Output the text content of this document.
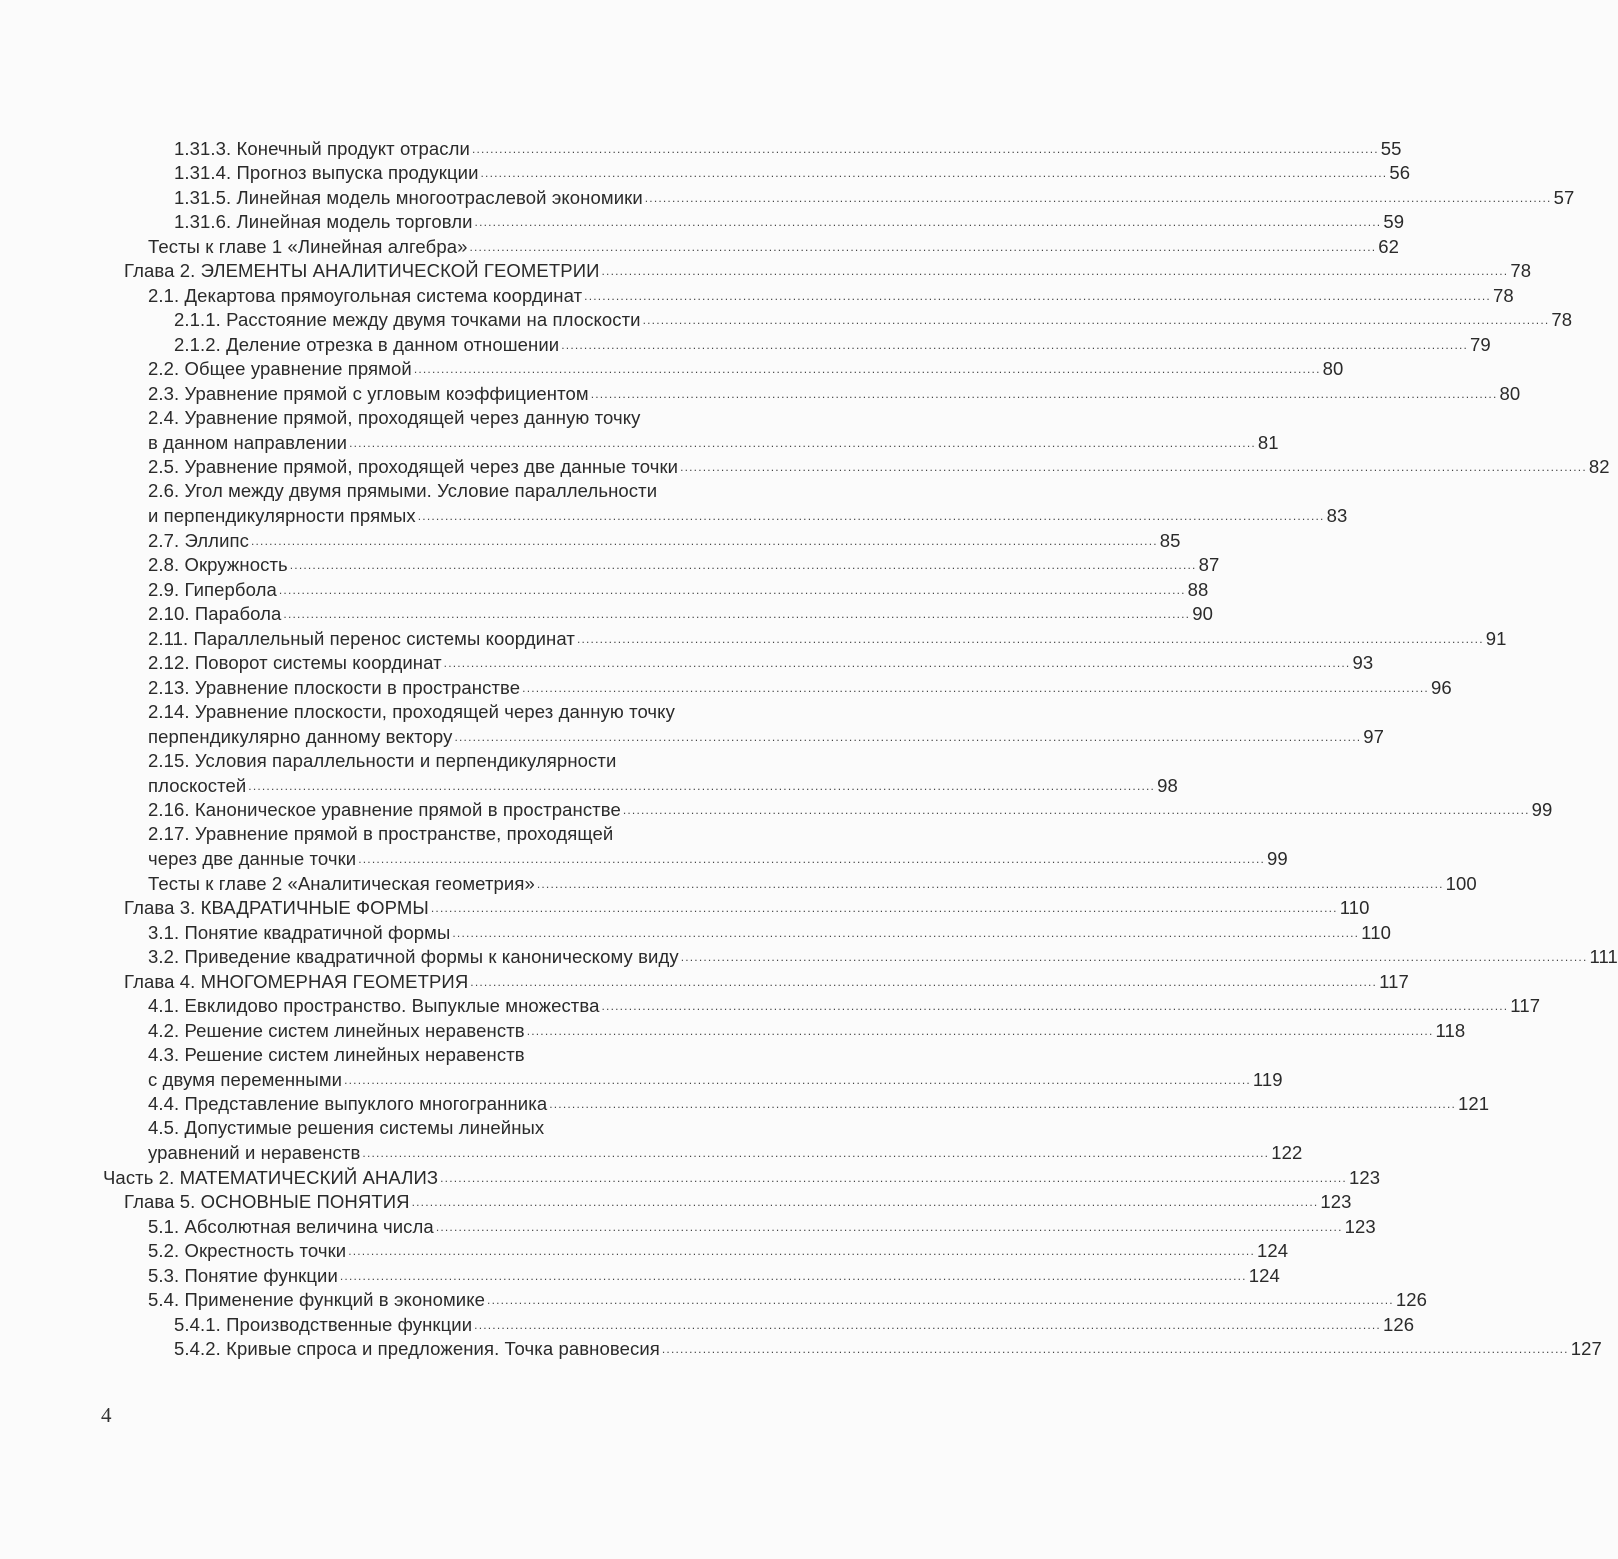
1.31.3. Конечный продукт отрасли ........................................................................................................................................................................................................ 55
1.31.4. Прогноз выпуска продукции ........................................................................................................................................................................................................ 56
1.31.5. Линейная модель многоотраслевой экономики ........................................................................................................................................................................................................ 57
1.31.6. Линейная модель торговли ........................................................................................................................................................................................................ 59
Тесты к главе 1 «Линейная алгебра» ........................................................................................................................................................................................................ 62
Глава 2. ЭЛЕМЕНТЫ АНАЛИТИЧЕСКОЙ ГЕОМЕТРИИ ........................................................................................................................................................................................................ 78
2.1. Декартова прямоугольная система координат ........................................................................................................................................................................................................ 78
2.1.1. Расстояние между двумя точками на плоскости ........................................................................................................................................................................................................ 78
2.1.2. Деление отрезка в данном отношении ........................................................................................................................................................................................................ 79
2.2. Общее уравнение прямой ........................................................................................................................................................................................................ 80
2.3. Уравнение прямой с угловым коэффициентом ........................................................................................................................................................................................................ 80
2.4. Уравнение прямой, проходящей через данную точку
в данном направлении ........................................................................................................................................................................................................ 81
2.5. Уравнение прямой, проходящей через две данные точки ........................................................................................................................................................................................................ 82
2.6. Угол между двумя прямыми. Условие параллельности
и перпендикулярности прямых ........................................................................................................................................................................................................ 83
2.7. Эллипс ........................................................................................................................................................................................................ 85
2.8. Окружность ........................................................................................................................................................................................................ 87
2.9. Гипербола ........................................................................................................................................................................................................ 88
2.10. Парабола ........................................................................................................................................................................................................ 90
2.11. Параллельный перенос системы координат ........................................................................................................................................................................................................ 91
2.12. Поворот системы координат ........................................................................................................................................................................................................ 93
2.13. Уравнение плоскости в пространстве ........................................................................................................................................................................................................ 96
2.14. Уравнение плоскости, проходящей через данную точку
перпендикулярно данному вектору ........................................................................................................................................................................................................ 97
2.15. Условия параллельности и перпендикулярности
плоскостей ........................................................................................................................................................................................................ 98
2.16. Каноническое уравнение прямой в пространстве ........................................................................................................................................................................................................ 99
2.17. Уравнение прямой в пространстве, проходящей
через две данные точки ........................................................................................................................................................................................................ 99
Тесты к главе 2 «Аналитическая геометрия» ........................................................................................................................................................................................................ 100
Глава 3. КВАДРАТИЧНЫЕ ФОРМЫ ........................................................................................................................................................................................................ 110
3.1. Понятие квадратичной формы ........................................................................................................................................................................................................ 110
3.2. Приведение квадратичной формы к каноническому виду ........................................................................................................................................................................................................ 111
Глава 4. МНОГОМЕРНАЯ ГЕОМЕТРИЯ ........................................................................................................................................................................................................ 117
4.1. Евклидово пространство. Выпуклые множества ........................................................................................................................................................................................................ 117
4.2. Решение систем линейных неравенств ........................................................................................................................................................................................................ 118
4.3. Решение систем линейных неравенств
с двумя переменными ........................................................................................................................................................................................................ 119
4.4. Представление выпуклого многогранника ........................................................................................................................................................................................................ 121
4.5. Допустимые решения системы линейных
уравнений и неравенств ........................................................................................................................................................................................................ 122
Часть 2. МАТЕМАТИЧЕСКИЙ АНАЛИЗ ........................................................................................................................................................................................................ 123
Глава 5. ОСНОВНЫЕ ПОНЯТИЯ ........................................................................................................................................................................................................ 123
5.1. Абсолютная величина числа ........................................................................................................................................................................................................ 123
5.2. Окрестность точки ........................................................................................................................................................................................................ 124
5.3. Понятие функции ........................................................................................................................................................................................................ 124
5.4. Применение функций в экономике ........................................................................................................................................................................................................ 126
5.4.1. Производственные функции ........................................................................................................................................................................................................ 126
5.4.2. Кривые спроса и предложения. Точка равновесия ........................................................................................................................................................................................................ 127
4
